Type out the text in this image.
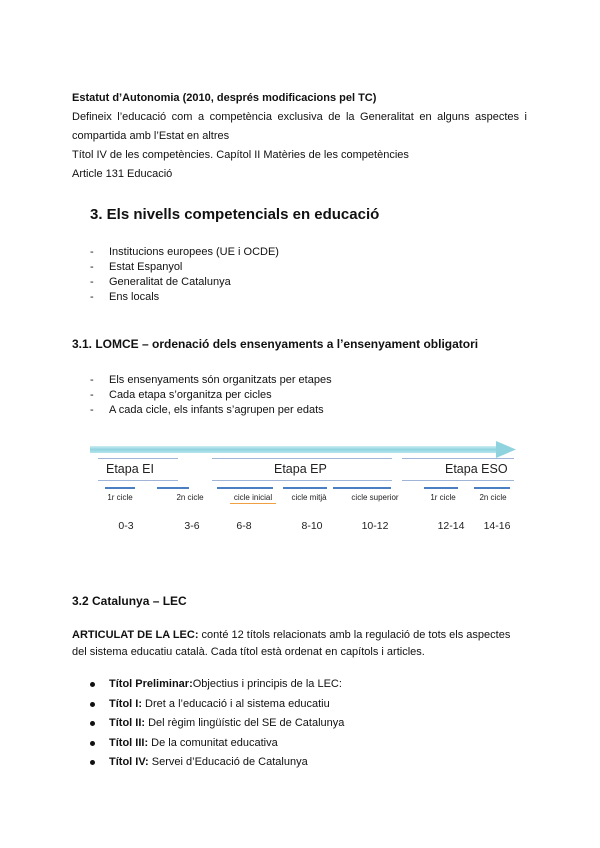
Estatut d’Autonomia (2010, després modificacions pel TC)
Defineix l’educació com a competència exclusiva de la Generalitat en alguns aspectes i
compartida amb l’Estat en altres
Títol IV de les competències. Capítol II Matèries de les competències
Article 131 Educació
3. Els nivells competencials en educació
- Institucions europees (UE i OCDE)
- Estat Espanyol
- Generalitat de Catalunya
- Ens locals
3.1. LOMCE – ordenació dels ensenyaments a l’ensenyament obligatori
- Els ensenyaments són organitzats per etapes
- Cada etapa s’organitza per cicles
- A cada cicle, els infants s’agrupen per edats
Etapa EI	Etapa EP	Etapa ESO
1r cicle	2n cicle	cicle inicial	cicle mitjà	cicle superior	1r cicle	2n cicle
0-3	3-6	6-8	8-10	10-12	12-14	14-16
3.2 Catalunya – LEC
ARTICULAT DE LA LEC: conté 12 títols relacionats amb la regulació de tots els aspectes
del sistema educatiu català. Cada títol està ordenat en capítols i articles.
Títol Preliminar:Objectius i principis de la LEC:
Títol I: Dret a l’educació i al sistema educatiu
Títol II: Del règim lingüístic del SE de Catalunya
Títol III: De la comunitat educativa
Títol IV: Servei d’Educació de Catalunya
